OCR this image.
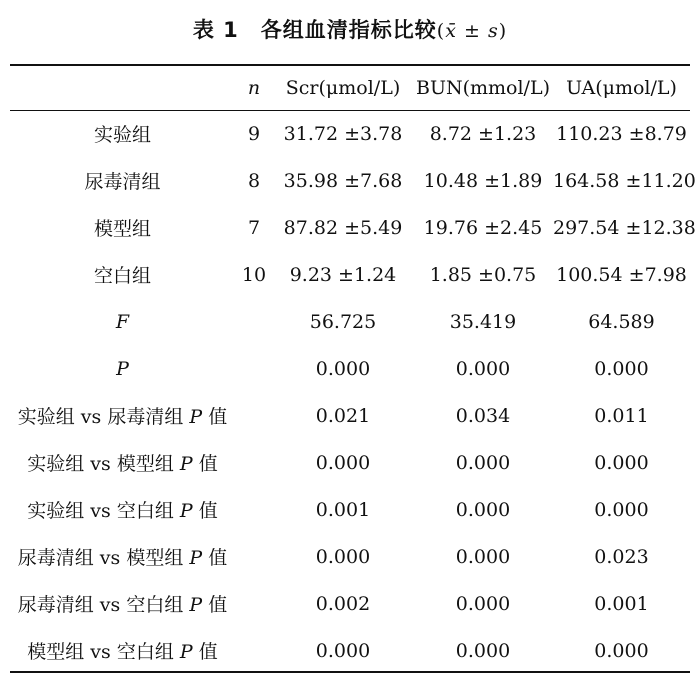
表 1 各组血清指标比较(x̄ ± s)
	n	Scr(μmol/L)	BUN(mmol/L)	UA(μmol/L)
实验组	9	31.72 ±3.78	8.72 ±1.23	110.23 ±8.79
尿毒清组	8	35.98 ±7.68	10.48 ±1.89	164.58 ±11.20
模型组	7	87.82 ±5.49	19.76 ±2.45	297.54 ±12.38
空白组	10	9.23 ±1.24	1.85 ±0.75	100.54 ±7.98
F		56.725	35.419	64.589
P		0.000	0.000	0.000
实验组 vs 尿毒清组 P 值		0.021	0.034	0.011
实验组 vs 模型组 P 值		0.000	0.000	0.000
实验组 vs 空白组 P 值		0.001	0.000	0.000
尿毒清组 vs 模型组 P 值		0.000	0.000	0.023
尿毒清组 vs 空白组 P 值		0.002	0.000	0.001
模型组 vs 空白组 P 值		0.000	0.000	0.000
